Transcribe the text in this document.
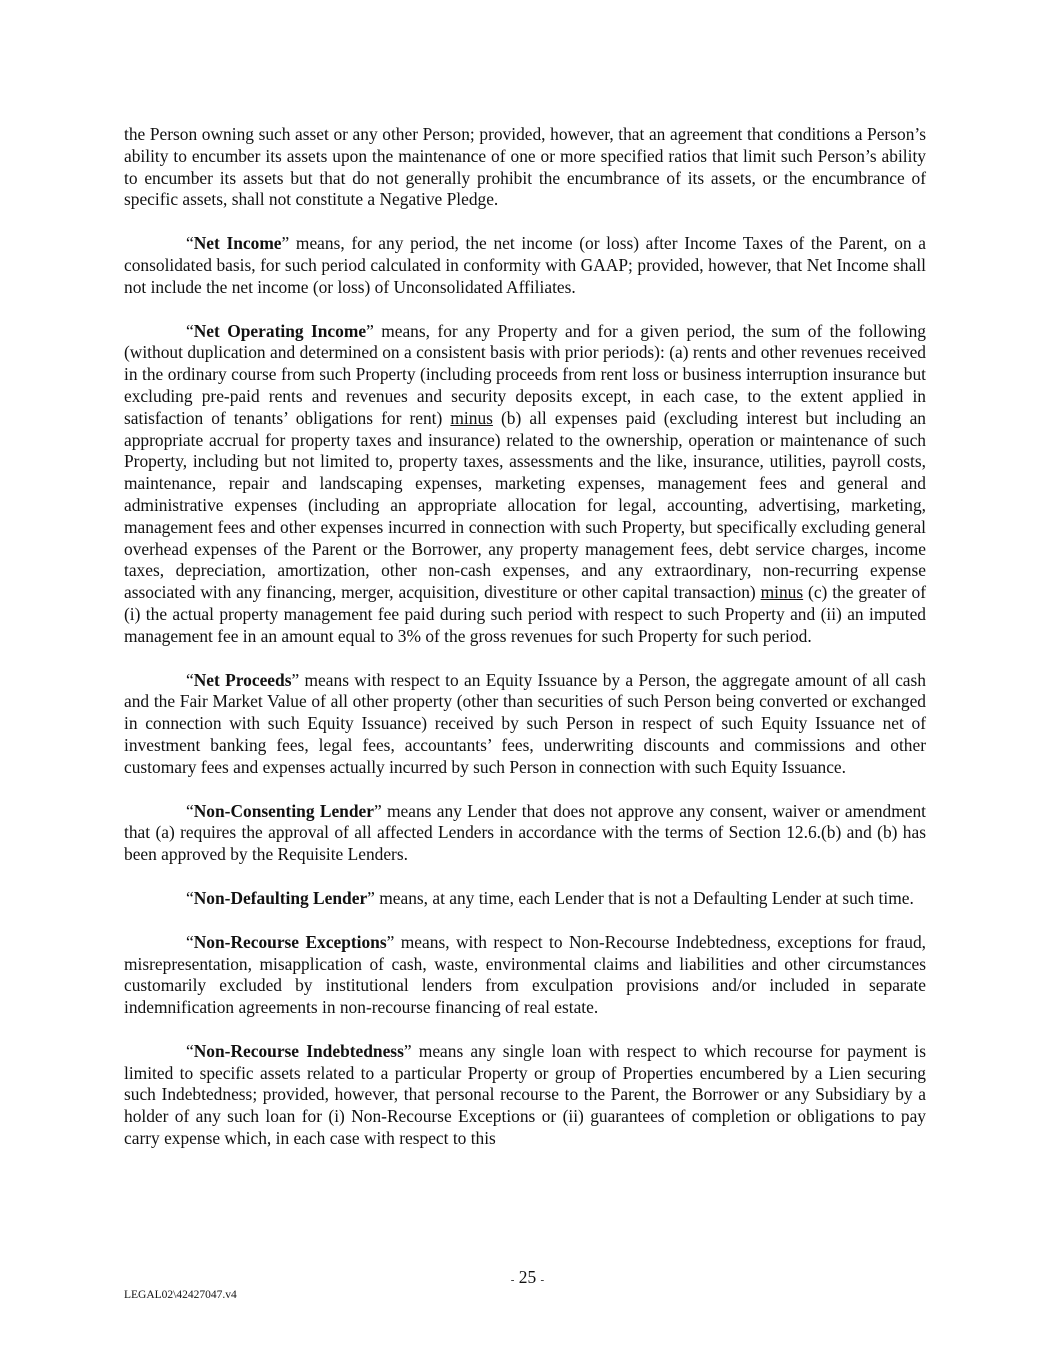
the Person owning such asset or any other Person; provided, however, that an agreement that conditions a Person’s ability to encumber its assets upon the maintenance of one or more specified ratios that limit such Person’s ability to encumber its assets but that do not generally prohibit the encumbrance of its assets, or the encumbrance of specific assets, shall not constitute a Negative Pledge.

“Net Income” means, for any period, the net income (or loss) after Income Taxes of the Parent, on a consolidated basis, for such period calculated in conformity with GAAP; provided, however, that Net Income shall not include the net income (or loss) of Unconsolidated Affiliates.

“Net Operating Income” means, for any Property and for a given period, the sum of the following (without duplication and determined on a consistent basis with prior periods): (a) rents and other revenues received in the ordinary course from such Property (including proceeds from rent loss or business interruption insurance but excluding pre-paid rents and revenues and security deposits except, in each case, to the extent applied in satisfaction of tenants’ obligations for rent) minus (b) all expenses paid (excluding interest but including an appropriate accrual for property taxes and insurance) related to the ownership, operation or maintenance of such Property, including but not limited to, property taxes, assessments and the like, insurance, utilities, payroll costs, maintenance, repair and landscaping expenses, marketing expenses, management fees and general and administrative expenses (including an appropriate allocation for legal, accounting, advertising, marketing, management fees and other expenses incurred in connection with such Property, but specifically excluding general overhead expenses of the Parent or the Borrower, any property management fees, debt service charges, income taxes, depreciation, amortization, other non-cash expenses, and any extraordinary, non-recurring expense associated with any financing, merger, acquisition, divestiture or other capital transaction) minus (c) the greater of (i) the actual property management fee paid during such period with respect to such Property and (ii) an imputed management fee in an amount equal to 3% of the gross revenues for such Property for such period.

“Net Proceeds” means with respect to an Equity Issuance by a Person, the aggregate amount of all cash and the Fair Market Value of all other property (other than securities of such Person being converted or exchanged in connection with such Equity Issuance) received by such Person in respect of such Equity Issuance net of investment banking fees, legal fees, accountants’ fees, underwriting discounts and commissions and other customary fees and expenses actually incurred by such Person in connection with such Equity Issuance.

“Non-Consenting Lender” means any Lender that does not approve any consent, waiver or amendment that (a) requires the approval of all affected Lenders in accordance with the terms of Section 12.6.(b) and (b) has been approved by the Requisite Lenders.

“Non-Defaulting Lender” means, at any time, each Lender that is not a Defaulting Lender at such time.

“Non-Recourse Exceptions” means, with respect to Non-Recourse Indebtedness, exceptions for fraud, misrepresentation, misapplication of cash, waste, environmental claims and liabilities and other circumstances customarily excluded by institutional lenders from exculpation provisions and/or included in separate indemnification agreements in non-recourse financing of real estate.

“Non-Recourse Indebtedness” means any single loan with respect to which recourse for payment is limited to specific assets related to a particular Property or group of Properties encumbered by a Lien securing such Indebtedness; provided, however, that personal recourse to the Parent, the Borrower or any Subsidiary by a holder of any such loan for (i) Non-Recourse Exceptions or (ii) guarantees of completion or obligations to pay carry expense which, in each case with respect to this

- 25 -
LEGAL02\42427047.v4
